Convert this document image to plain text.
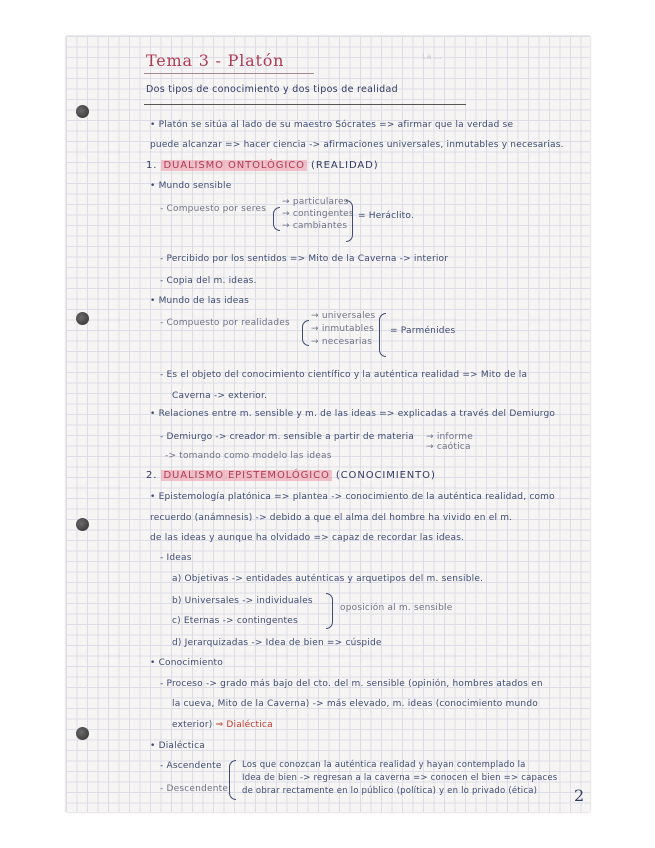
Tema 3 - Platón	La ...
Dos tipos de conocimiento y dos tipos de realidad
• Platón se sitúa al lado de su maestro Sócrates => afirmar que la verdad se
puede alcanzar => hacer ciencia -> afirmaciones universales, inmutables y necesarias.
1. DUALISMO ONTOLÓGICO (REALIDAD)
• Mundo sensible
- Compuesto por seres
→ particulares
→ contingentes
→ cambiantes
= Heráclito.
- Percibido por los sentidos => Mito de la Caverna -> interior
- Copia del m. ideas.
• Mundo de las ideas
- Compuesto por realidades
→ universales
→ inmutables
→ necesarias
= Parménides
- Es el objeto del conocimiento científico y la auténtica realidad => Mito de la
Caverna -> exterior.
• Relaciones entre m. sensible y m. de las ideas => explicadas a través del Demiurgo
- Demiurgo -> creador m. sensible a partir de materia → informe
→ caótica
-> tomando como modelo las ideas
2. DUALISMO EPISTEMOLÓGICO (CONOCIMIENTO)
• Epistemología platónica => plantea -> conocimiento de la auténtica realidad, como
recuerdo (anámnesis) -> debido a que el alma del hombre ha vivido en el m.
de las ideas y aunque ha olvidado => capaz de recordar las ideas.
- Ideas
a) Objetivas -> entidades auténticas y arquetipos del m. sensible.
b) Universales -> individuales
c) Eternas -> contingentes
oposición al m. sensible
d) Jerarquizadas -> Idea de bien => cúspide
• Conocimiento
- Proceso -> grado más bajo del cto. del m. sensible (opinión, hombres atados en
la cueva, Mito de la Caverna) -> más elevado, m. ideas (conocimiento mundo
exterior) ⇒ Dialéctica
• Dialéctica
- Ascendente
- Descendente
Los que conozcan la auténtica realidad y hayan contemplado la
Idea de bien -> regresan a la caverna => conocen el bien => capaces
de obrar rectamente en lo público (política) y en lo privado (ética) 2
